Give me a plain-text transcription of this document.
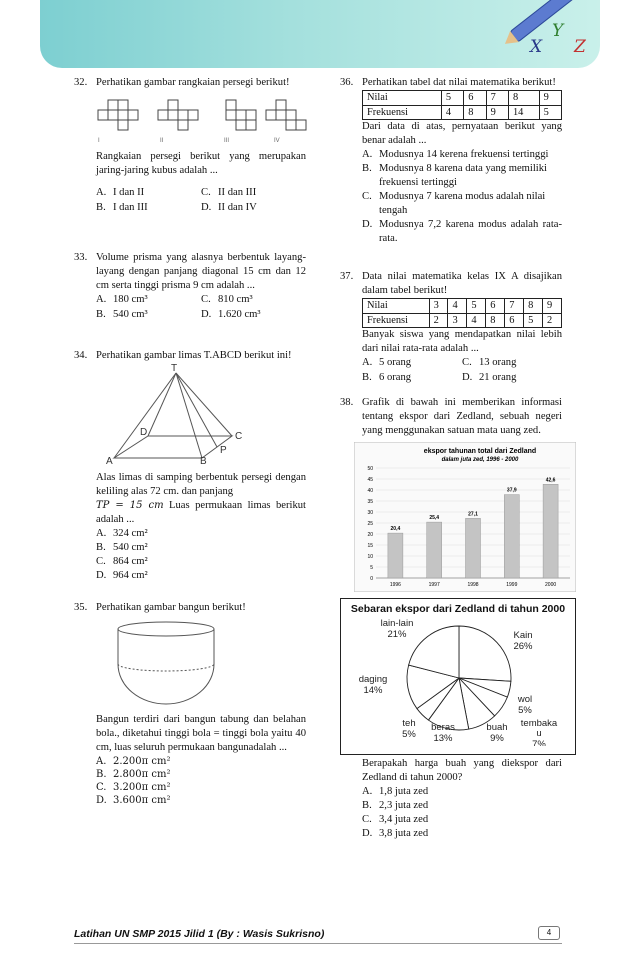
X
Y
Z
32. Perhatikan gambar rangkaian persegi berikut!
I	II	III	IV
Rangkaian persegi berikut yang merupakan jaring-jaring kubus adalah ...
A. I dan II	C. II dan III
B. I dan III	D. II dan IV
33. Volume prisma yang alasnya berbentuk layang-layang dengan panjang diagonal 15 cm dan 12 cm serta tinggi prisma 9 cm adalah ...
A. 180 cm³	C. 810 cm³
B. 540 cm³	D. 1.620 cm³
34. Perhatikan gambar limas T.ABCD berikut ini!
T
A	B
C
D
P
Alas limas di samping berbentuk persegi dengan keliling alas 72 cm. dan panjang
TP = 15 cm Luas permukaan limas berikut adalah ...
A. 324 cm²
B. 540 cm²
C. 864 cm²
D. 964 cm²
35. Perhatikan gambar bangun berikut!
Bangun terdiri dari bangun tabung dan belahan bola., diketahui tinggi bola = tinggi bola yaitu 40 cm, luas seluruh permukaan bangunadalah ...
A. 2.200π cm²
B. 2.800π cm²
C. 3.200π cm²
D. 3.600π cm²
36. Perhatikan tabel dat nilai matematika berikut!
Nilai	5	6	7	8	9
Frekuensi	4	8	9	14	5
Dari data di atas, pernyataan berikut yang benar adalah ...
A. Modusnya 14 kerena frekuensi tertinggi
B. Modusnya 8 karena data yang memiliki frekuensi tertinggi
C. Modusnya 7 karena modus adalah nilai tengah
D. Modusnya 7,2 karena modus adalah rata-rata.
37. Data nilai matematika kelas IX A disajikan dalam tabel berikut!
Nilai	3	4	5	6	7	8	9
Frekuensi	2	3	4	8	6	5	2
Banyak siswa yang mendapatkan nilai lebih dari nilai rata-rata adalah ...
A. 5 orang	C. 13 orang
B. 6 orang	D. 21 orang
38. Grafik di bawah ini memberikan informasi tentang ekspor dari Zedland, sebuah negeri yang menggunakan satuan mata uang zed.
ekspor tahunan total dari Zedland
dalam juta zed, 1996 - 2000
0
5
10
15
20
25
30
35
40
45
50
20,4
1996
25,4
1997
27,1
1998
37,9
1999
42,6
2000
Sebaran ekspor dari Zedland di tahun 2000
Kain 26%
wol 5%
tembaka u 7%
buah 9%
beras 13%
teh 5%
daging 14%
lain-lain 21%
Berapakah harga buah yang diekspor dari Zedland di tahun 2000?
A. 1,8 juta zed
B. 2,3 juta zed
C. 3,4 juta zed
D. 3,8 juta zed
Latihan UN SMP 2015 Jilid 1 (By : Wasis Sukrisno)	4
